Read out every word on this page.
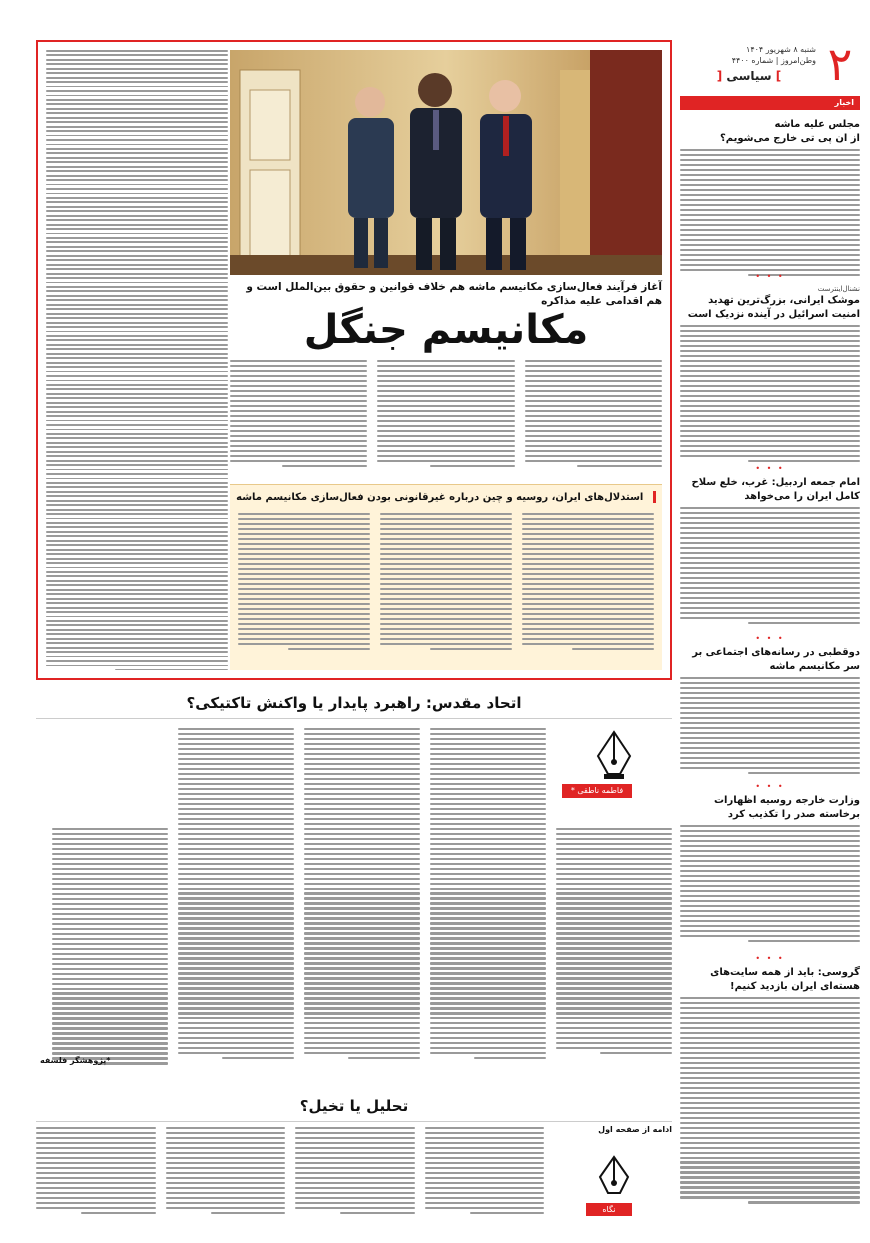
۲
شنبه ۸ شهریور ۱۴۰۴
وطن‌امروز | شماره ۴۴۰۰
] سیاسی [
اخبار
مجلس علیه ماشه
از ان پی تی خارج می‌شویم؟
• • •
نشنال‌اینترست
موشک ایرانی، بزرگ‌ترین تهدید امنیت اسرائیل در آینده نزدیک است
• • •
امام جمعه اردبیل: غرب، خلع سلاح کامل ایران را می‌خواهد
• • •
دوقطبی در رسانه‌های اجتماعی بر سر مکانیسم ماشه
• • •
وزارت خارجه روسیه اظهارات برخاسته صدر را تکذیب کرد
• • •
گروسی: باید از همه سایت‌های هسته‌ای ایران بازدید کنیم!
آغاز فرآیند فعال‌سازی مکانیسم ماشه هم خلاف قوانین و حقوق بین‌الملل است و هم اقدامی علیه مذاکره
مکانیسم جنگل
استدلال‌های ایران، روسیه و چین درباره غیرقانونی بودن فعال‌سازی مکانیسم ماشه
اتحاد مقدس: راهبرد پایدار یا واکنش تاکتیکی؟
فاطمه ناطقی *
*پژوهشگر فلسفه
تحلیل یا تخیل؟
ادامه از صفحه اول
نگاه
